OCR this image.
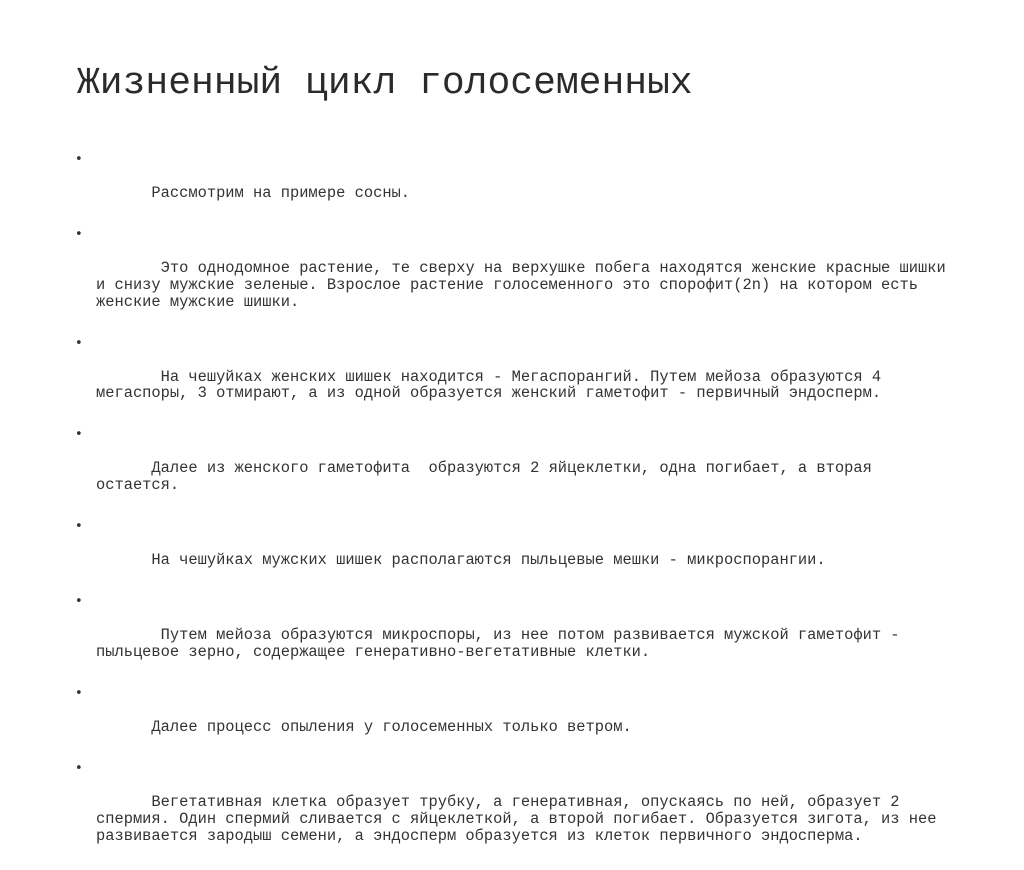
Жизненный цикл голосеменных

•

Рассмотрим на примере сосны.

•

Это однодомное растение, те сверху на верхушке побега находятся женские красные шишки и снизу мужские зеленые. Взрослое растение голосеменного это спорофит(2n) на котором есть женские мужские шишки.

•

На чешуйках женских шишек находится - Мегаспорангий. Путем мейоза образуются 4 мегаспоры, 3 отмирают, а из одной образуется женский гаметофит - первичный эндосперм.

•

Далее из женского гаметофита  образуются 2 яйцеклетки, одна погибает, а вторая остается.

•

На чешуйках мужских шишек располагаются пыльцевые мешки - микроспорангии.

•

Путем мейоза образуются микроспоры, из нее потом развивается мужской гаметофит -  пыльцевое зерно, содержащее генеративно-вегетативные клетки.

•

Далее процесс опыления у голосеменных только ветром.

•

Вегетативная клетка образует трубку, а генеративная, опускаясь по ней, образует 2 спермия. Один спермий сливается с яйцеклеткой, а второй погибает. Образуется зигота, из нее развивается зародыш семени, а эндосперм образуется из клеток первичного эндосперма.
